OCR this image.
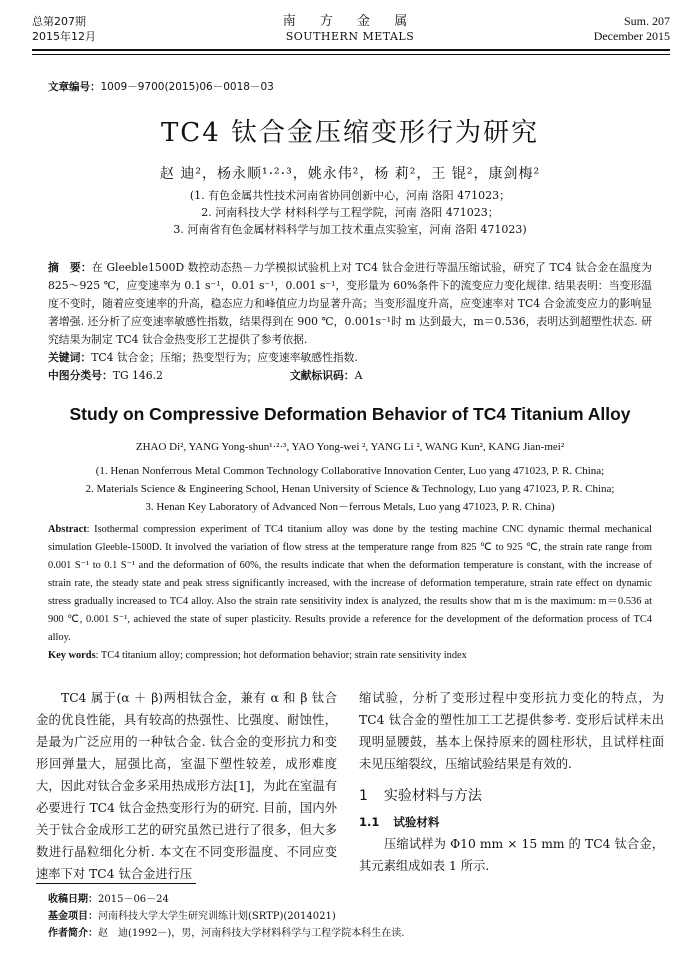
总第207期
2015年12月
南 方 金 属
SOUTHERN METALS
Sum. 207
December 2015
文章编号：1009－9700(2015)06－0018－03
TC4 钛合金压缩变形行为研究
赵 迪²，杨永顺¹·²·³，姚永伟²，杨 莉²，王 锟²，康剑梅²
(1. 有色金属共性技术河南省协同创新中心，河南 洛阳 471023；
2. 河南科技大学 材料科学与工程学院，河南 洛阳 471023；
3. 河南省有色金属材料科学与加工技术重点实验室，河南 洛阳 471023)
摘　要：在 Gleeble1500D 数控动态热－力学模拟试验机上对 TC4 钛合金进行等温压缩试验，研究了 TC4 钛合金在温度为 825～925 ℃，应变速率为 0.1 s⁻¹，0.01 s⁻¹，0.001 s⁻¹，变形量为 60%条件下的流变应力变化规律. 结果表明：当变形温度不变时，随着应变速率的升高，稳态应力和峰值应力均显著升高；当变形温度升高，应变速率对 TC4 合金流变应力的影响显著增强. 还分析了应变速率敏感性指数，结果得到在 900 ℃，0.001s⁻¹时 m 达到最大，m＝0.536，表明达到超塑性状态. 研究结果为制定 TC4 钛合金热变形工艺提供了参考依据.
关键词：TC4 钛合金；压缩；热变型行为；应变速率敏感性指数.
中图分类号：TG 146.2	文献标识码：A
Study on Compressive Deformation Behavior of TC4 Titanium Alloy
ZHAO Di², YANG Yong-shun¹·²·³, YAO Yong-wei ², YANG Li ², WANG Kun², KANG Jian-mei²
(1. Henan Nonferrous Metal Common Technology Collaborative Innovation Center, Luo yang 471023, P. R. China;
2. Materials Science & Engineering School, Henan University of Science & Technology, Luo yang 471023, P. R. China;
3. Henan Key Laboratory of Advanced Non－ferrous Metals, Luo yang 471023, P. R. China)
Abstract: Isothermal compression experiment of TC4 titanium alloy was done by the testing machine CNC dynamic thermal mechanical simulation Gleeble-1500D. It involved the variation of flow stress at the temperature range from 825 ℃ to 925 ℃, the strain rate range from 0.001 S⁻¹ to 0.1 S⁻¹ and the deformation of 60%, the results indicate that when the deformation temperature is constant, with the increase of strain rate, the steady state and peak stress significantly increased, with the increase of deformation temperature, strain rate effect on dynamic stress gradually increased to TC4 alloy. Also the strain rate sensitivity index is analyzed, the results show that m is the maximum: m＝0.536 at 900 ℃, 0.001 S⁻¹, achieved the state of super plasticity. Results provide a reference for the development of the deformation process of TC4 alloy.
Key words: TC4 titanium alloy; compression; hot deformation behavior; strain rate sensitivity index
TC4 属于(α ＋ β)两相钛合金，兼有 α 和 β 钛合金的优良性能，具有较高的热强性、比强度、耐蚀性，是最为广泛应用的一种钛合金. 钛合金的变形抗力和变形回弹量大，屈强比高，室温下塑性较差，成形难度大，因此对钛合金多采用热成形方法[1]，为此在室温有必要进行 TC4 钛合金热变形行为的研究. 目前，国内外关于钛合金成形工艺的研究虽然已进行了很多，但大多数进行晶粒细化分析. 本文在不同变形温度、不同应变速率下对 TC4 钛合金进行压
缩试验，分析了变形过程中变形抗力变化的特点，为 TC4 钛合金的塑性加工工艺提供参考. 变形后试样未出现明显腰鼓，基本上保持原来的圆柱形状，且试样柱面未见压缩裂纹，压缩试验结果是有效的.
1 实验材料与方法
1.1 试验材料
压缩试样为 Φ10 mm × 15 mm 的 TC4 钛合金，其元素组成如表 1 所示.
收稿日期：2015－06－24
基金项目：河南科技大学大学生研究训练计划(SRTP)(2014021)
作者简介：赵　迪(1992－)，男，河南科技大学材料科学与工程学院本科生在读.
